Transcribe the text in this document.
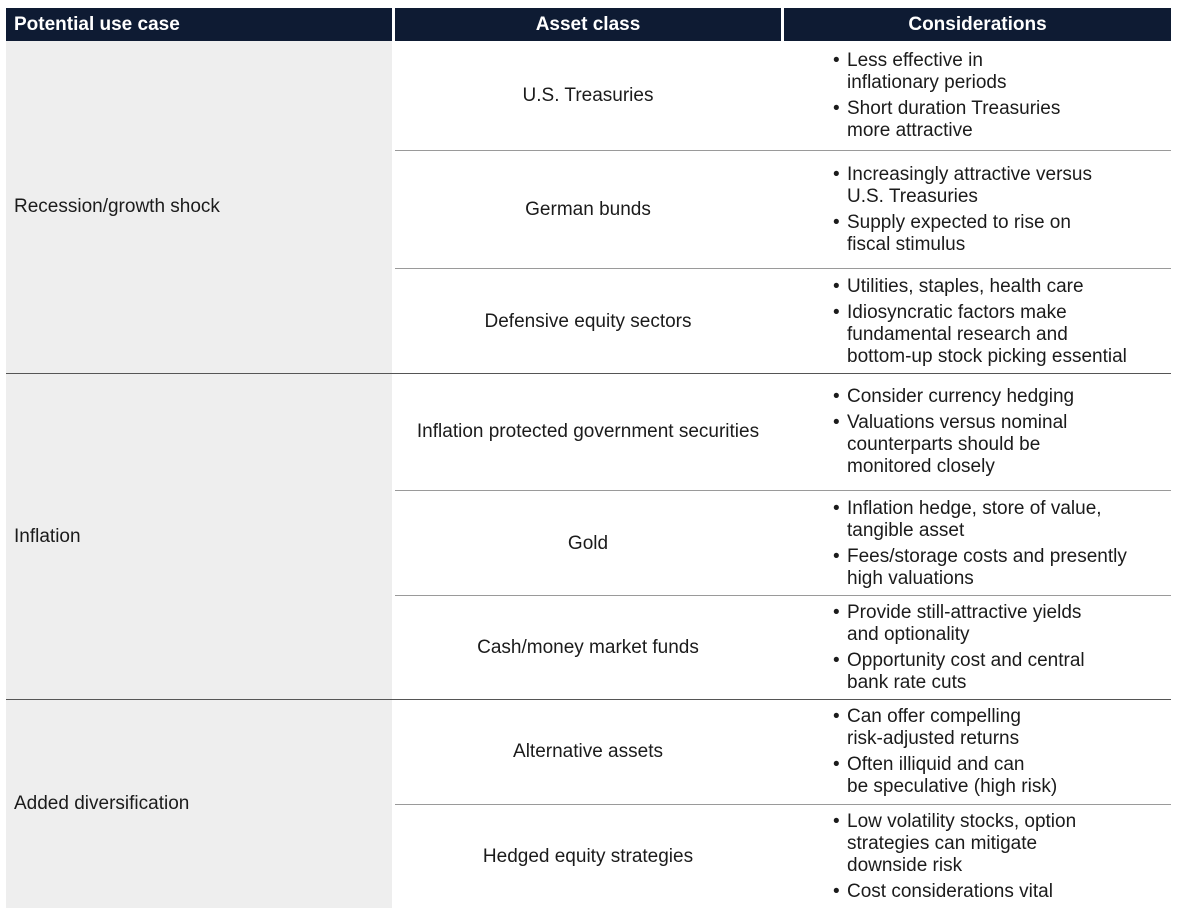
Potential use case	Asset class	Considerations
Recession/growth shock
U.S. Treasuries
• Less effective in
inflationary periods
• Short duration Treasuries
more attractive
German bunds
• Increasingly attractive versus
U.S. Treasuries
• Supply expected to rise on
fiscal stimulus
Defensive equity sectors
• Utilities, staples, health care
• Idiosyncratic factors make
fundamental research and
bottom-up stock picking essential
Inflation
Inflation protected government securities
• Consider currency hedging
• Valuations versus nominal
counterparts should be
monitored closely
Gold
• Inflation hedge, store of value,
tangible asset
• Fees/storage costs and presently
high valuations
Cash/money market funds
• Provide still-attractive yields
and optionality
• Opportunity cost and central
bank rate cuts
Added diversification
Alternative assets
• Can offer compelling
risk-adjusted returns
• Often illiquid and can
be speculative (high risk)
Hedged equity strategies
• Low volatility stocks, option
strategies can mitigate
downside risk
• Cost considerations vital
